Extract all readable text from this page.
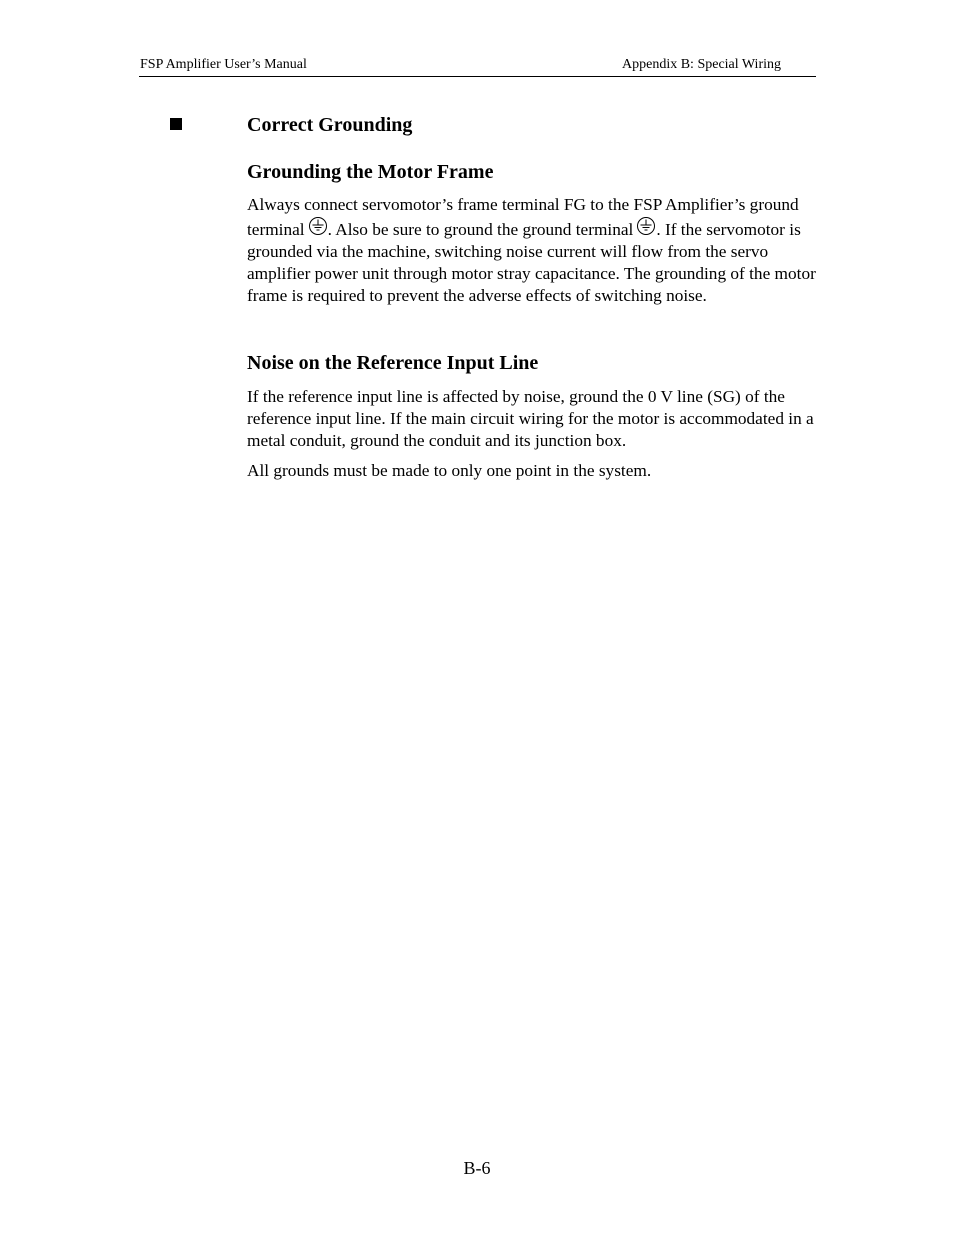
FSP Amplifier User’s Manual	Appendix B: Special Wiring
Correct Grounding
Grounding the Motor Frame

Always connect servomotor’s frame terminal FG to the FSP Amplifier’s ground terminal . Also be sure to ground the ground terminal . If the servomotor is grounded via the machine, switching noise current will flow from the servo amplifier power unit through motor stray capacitance. The grounding of the motor frame is required to prevent the adverse effects of switching noise.

Noise on the Reference Input Line

If the reference input line is affected by noise, ground the 0 V line (SG) of the reference input line. If the main circuit wiring for the motor is accommodated in a metal conduit, ground the conduit and its junction box.

All grounds must be made to only one point in the system.

B-6
